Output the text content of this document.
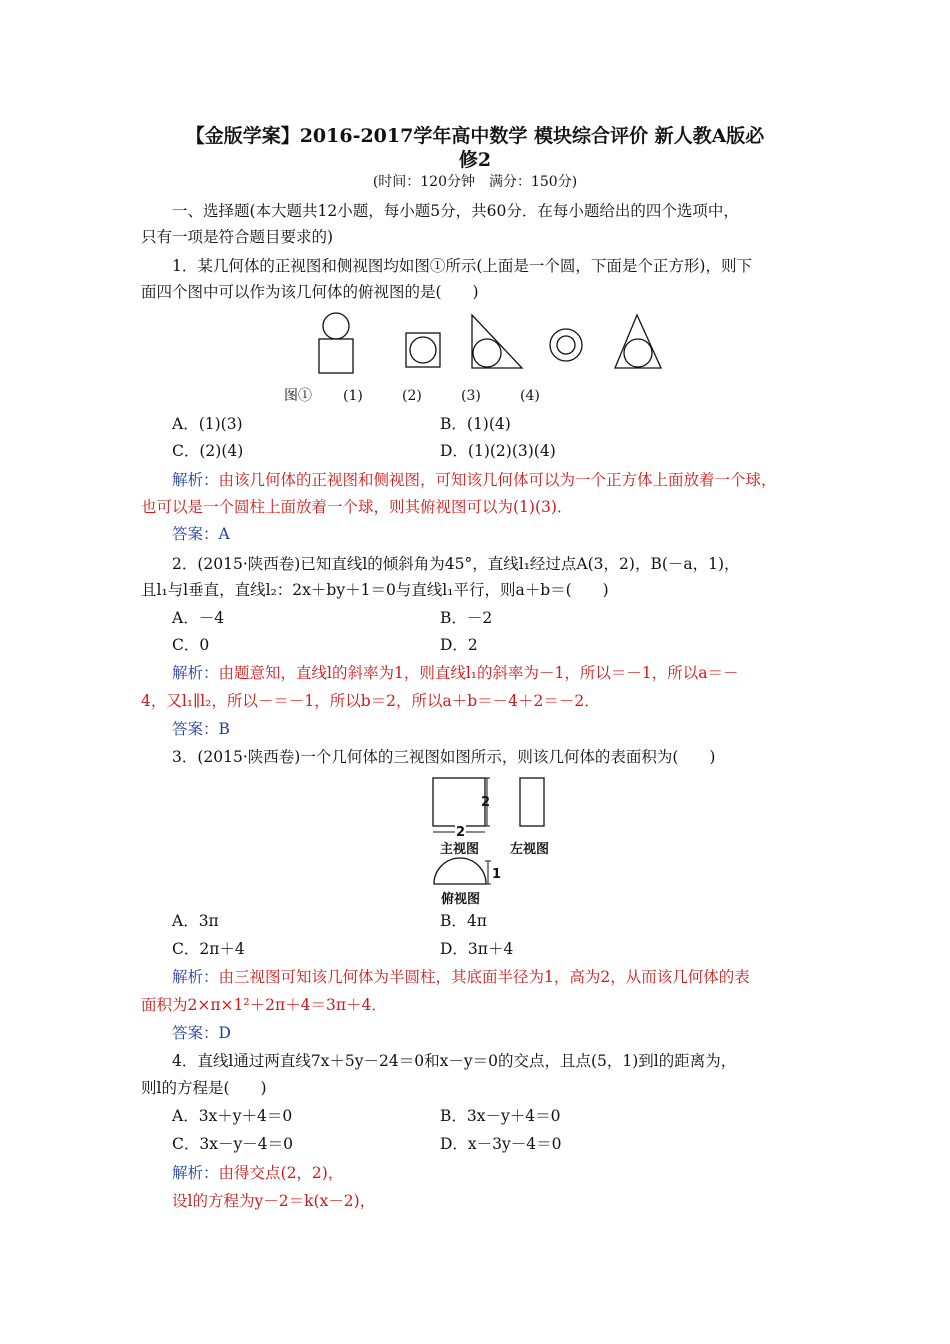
【金版学案】2016-2017学年高中数学 模块综合评价 新人教A版必
修2
(时间：120分钟　满分：150分)
一、选择题(本大题共12小题，每小题5分，共60分．在每小题给出的四个选项中，
只有一项是符合题目要求的)
1．某几何体的正视图和侧视图均如图①所示(上面是一个圆，下面是个正方形)，则下
面四个图中可以作为该几何体的俯视图的是(　　)
图① (1)	(2)	(3)	(4)
A．(1)(3)	B．(1)(4)
C．(2)(4)	D．(1)(2)(3)(4)
解析：由该几何体的正视图和侧视图，可知该几何体可以为一个正方体上面放着一个球，
也可以是一个圆柱上面放着一个球，则其俯视图可以为(1)(3)．
答案：A
2．(2015·陕西卷)已知直线l的倾斜角为45°，直线l₁经过点A(3，2)，B(－a，1)，
且l₁与l垂直，直线l₂：2x＋by＋1＝0与直线l₁平行，则a＋b＝(　　)
A．－4	B．－2
C．0	D．2
解析：由题意知，直线l的斜率为1，则直线l₁的斜率为－1，所以＝－1，所以a＝－
4，又l₁∥l₂，所以－＝－1，所以b＝2，所以a＋b＝－4＋2＝－2．
答案：B
3．(2015·陕西卷)一个几何体的三视图如图所示，则该几何体的表面积为(　　)
2
2
主视图 左视图
1
俯视图
A．3π	B．4π
C．2π＋4	D．3π＋4
解析：由三视图可知该几何体为半圆柱，其底面半径为1，高为2，从而该几何体的表
面积为2×π×1²＋2π＋4＝3π＋4．
答案：D
4．直线l通过两直线7x＋5y－24＝0和x－y＝0的交点，且点(5，1)到l的距离为，
则l的方程是(　　)
A．3x＋y＋4＝0	B．3x－y＋4＝0
C．3x－y－4＝0	D．x－3y－4＝0
解析：由得交点(2，2)，
设l的方程为y－2＝k(x－2)，
